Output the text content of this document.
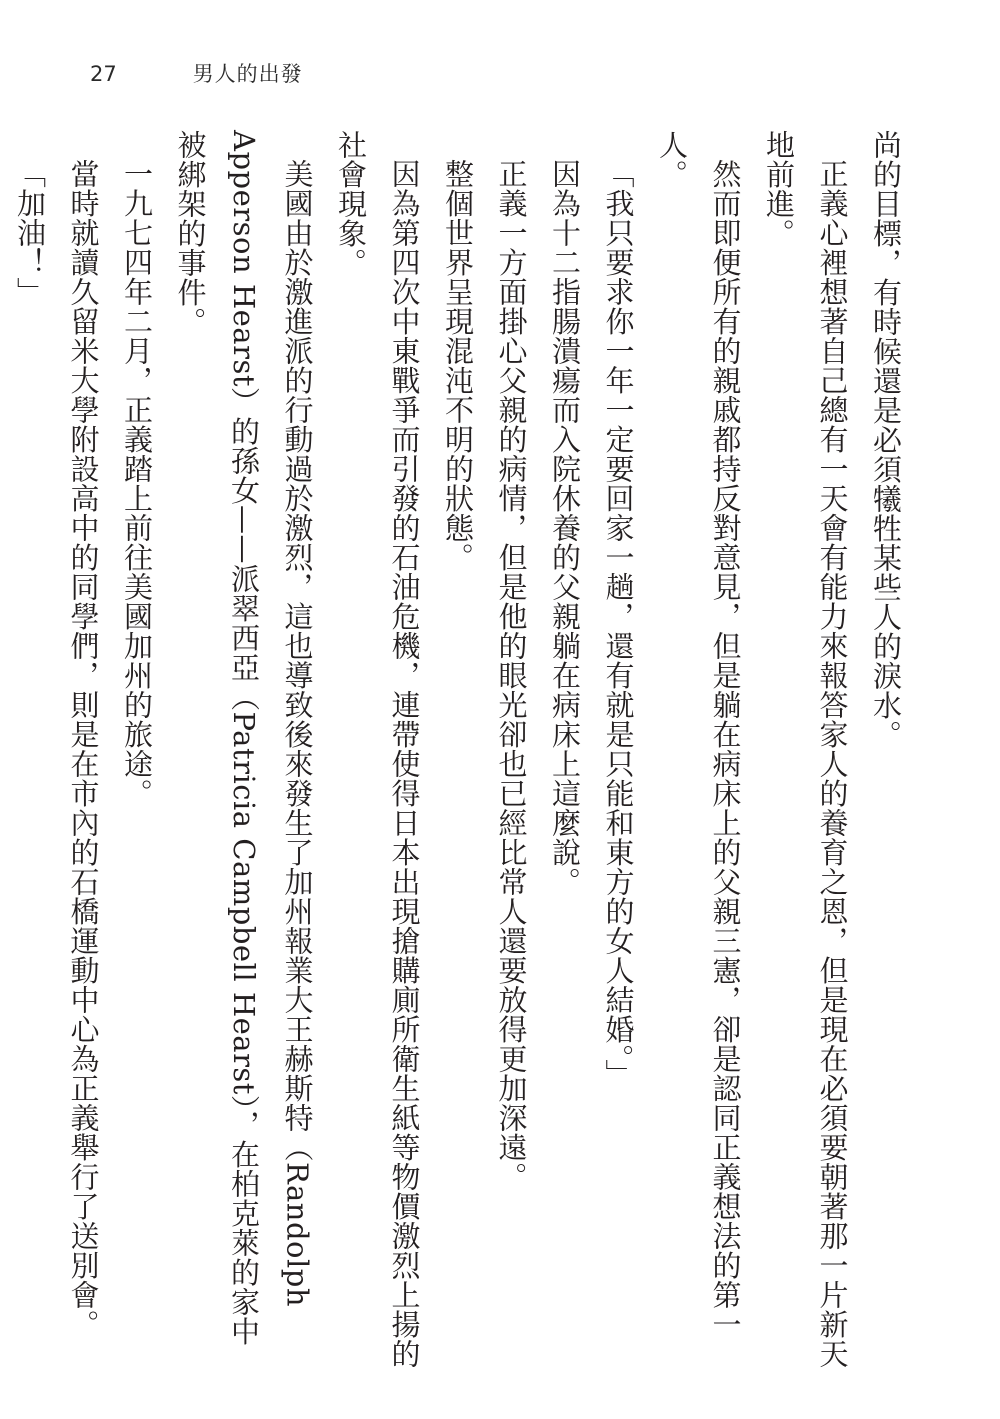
27	男人的出發

尚的目標，有時候還是必須犧牲某些人的淚水。

正義心裡想著自己總有一天會有能力來報答家人的養育之恩，但是現在必須要朝著那一片新天地前進。

然而即便所有的親戚都持反對意見，但是躺在病床上的父親三憲，卻是認同正義想法的第一人。

「我只要求你一年一定要回家一趟，還有就是只能和東方的女人結婚。」

因為十二指腸潰瘍而入院休養的父親躺在病床上這麼說。

正義一方面掛心父親的病情，但是他的眼光卻也已經比常人還要放得更加深遠。

整個世界呈現混沌不明的狀態。

因為第四次中東戰爭而引發的石油危機，連帶使得日本出現搶購廁所衛生紙等物價激烈上揚的社會現象。

美國由於激進派的行動過於激烈，這也導致後來發生了加州報業大王赫斯特（Randolph Apperson Hearst）的孫女——派翠西亞（Patricia Campbell Hearst），在柏克萊的家中被綁架的事件。

一九七四年二月，正義踏上前往美國加州的旅途。

當時就讀久留米大學附設高中的同學們，則是在市內的石橋運動中心為正義舉行了送別會。

「加油！」
